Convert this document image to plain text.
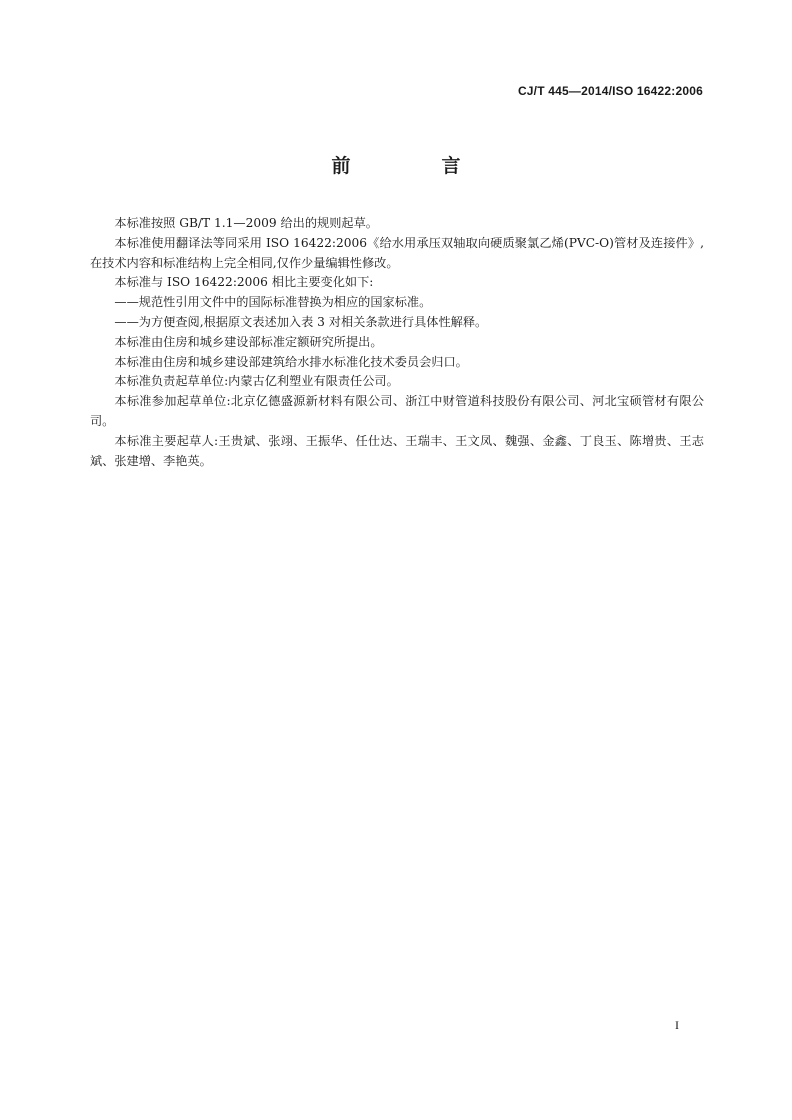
CJ/T 445—2014/ISO 16422:2006
前　言

本标准按照 GB/T 1.1—2009 给出的规则起草。

本标准使用翻译法等同采用 ISO 16422:2006《给水用承压双轴取向硬质聚氯乙烯(PVC-O)管材及连接件》,在技术内容和标准结构上完全相同,仅作少量编辑性修改。

本标准与 ISO 16422:2006 相比主要变化如下:

——规范性引用文件中的国际标准替换为相应的国家标准。

——为方便查阅,根据原文表述加入表 3 对相关条款进行具体性解释。

本标准由住房和城乡建设部标准定额研究所提出。

本标准由住房和城乡建设部建筑给水排水标准化技术委员会归口。

本标准负责起草单位:内蒙古亿利塑业有限责任公司。

本标准参加起草单位:北京亿德盛源新材料有限公司、浙江中财管道科技股份有限公司、河北宝硕管材有限公司。

本标准主要起草人:王贵斌、张翊、王振华、任仕达、王瑞丰、王文凤、魏强、金鑫、丁良玉、陈增贵、王志斌、张建增、李艳英。

I
